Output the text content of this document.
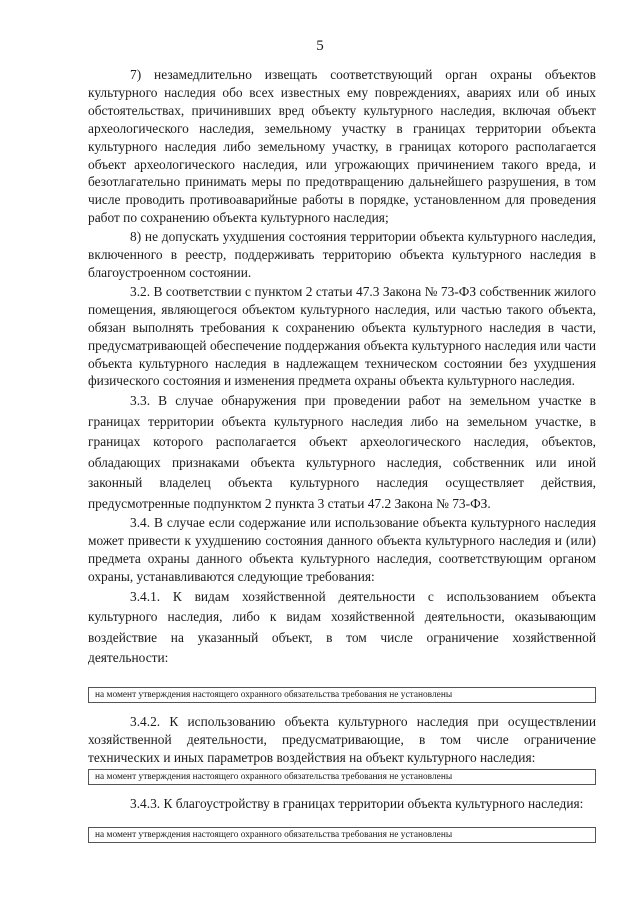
5

7) незамедлительно извещать соответствующий орган охраны объектов культурного наследия обо всех известных ему повреждениях, авариях или об иных обстоятельствах, причинивших вред объекту культурного наследия, включая объект археологического наследия, земельному участку в границах территории объекта культурного наследия либо земельному участку, в границах которого располагается объект археологического наследия, или угрожающих причинением такого вреда, и безотлагательно принимать меры по предотвращению дальнейшего разрушения, в том числе проводить противоаварийные работы в порядке, установленном для проведения работ по сохранению объекта культурного наследия;

8) не допускать ухудшения состояния территории объекта культурного наследия, включенного в реестр, поддерживать территорию объекта культурного наследия в благоустроенном состоянии.

3.2. В соответствии с пунктом 2 статьи 47.3 Закона № 73-ФЗ собственник жилого помещения, являющегося объектом культурного наследия, или частью такого объекта, обязан выполнять требования к сохранению объекта культурного наследия в части, предусматривающей обеспечение поддержания объекта культурного наследия или части объекта культурного наследия в надлежащем техническом состоянии без ухудшения физического состояния и изменения предмета охраны объекта культурного наследия.

3.3. В случае обнаружения при проведении работ на земельном участке в границах территории объекта культурного наследия либо на земельном участке, в границах которого располагается объект археологического наследия, объектов, обладающих признаками объекта культурного наследия, собственник или иной законный владелец объекта культурного наследия осуществляет действия, предусмотренные подпунктом 2 пункта 3 статьи 47.2 Закона № 73-ФЗ.

3.4. В случае если содержание или использование объекта культурного наследия может привести к ухудшению состояния данного объекта культурного наследия и (или) предмета охраны данного объекта культурного наследия, соответствующим органом охраны, устанавливаются следующие требования:

3.4.1. К видам хозяйственной деятельности с использованием объекта культурного наследия, либо к видам хозяйственной деятельности, оказывающим воздействие на указанный объект, в том числе ограничение хозяйственной деятельности:

на момент утверждения настоящего охранного обязательства требования не установлены

3.4.2. К использованию объекта культурного наследия при осуществлении хозяйственной деятельности, предусматривающие, в том числе ограничение технических и иных параметров воздействия на объект культурного наследия:

на момент утверждения настоящего охранного обязательства требования не установлены

3.4.3. К благоустройству в границах территории объекта культурного наследия:

на момент утверждения настоящего охранного обязательства требования не установлены
